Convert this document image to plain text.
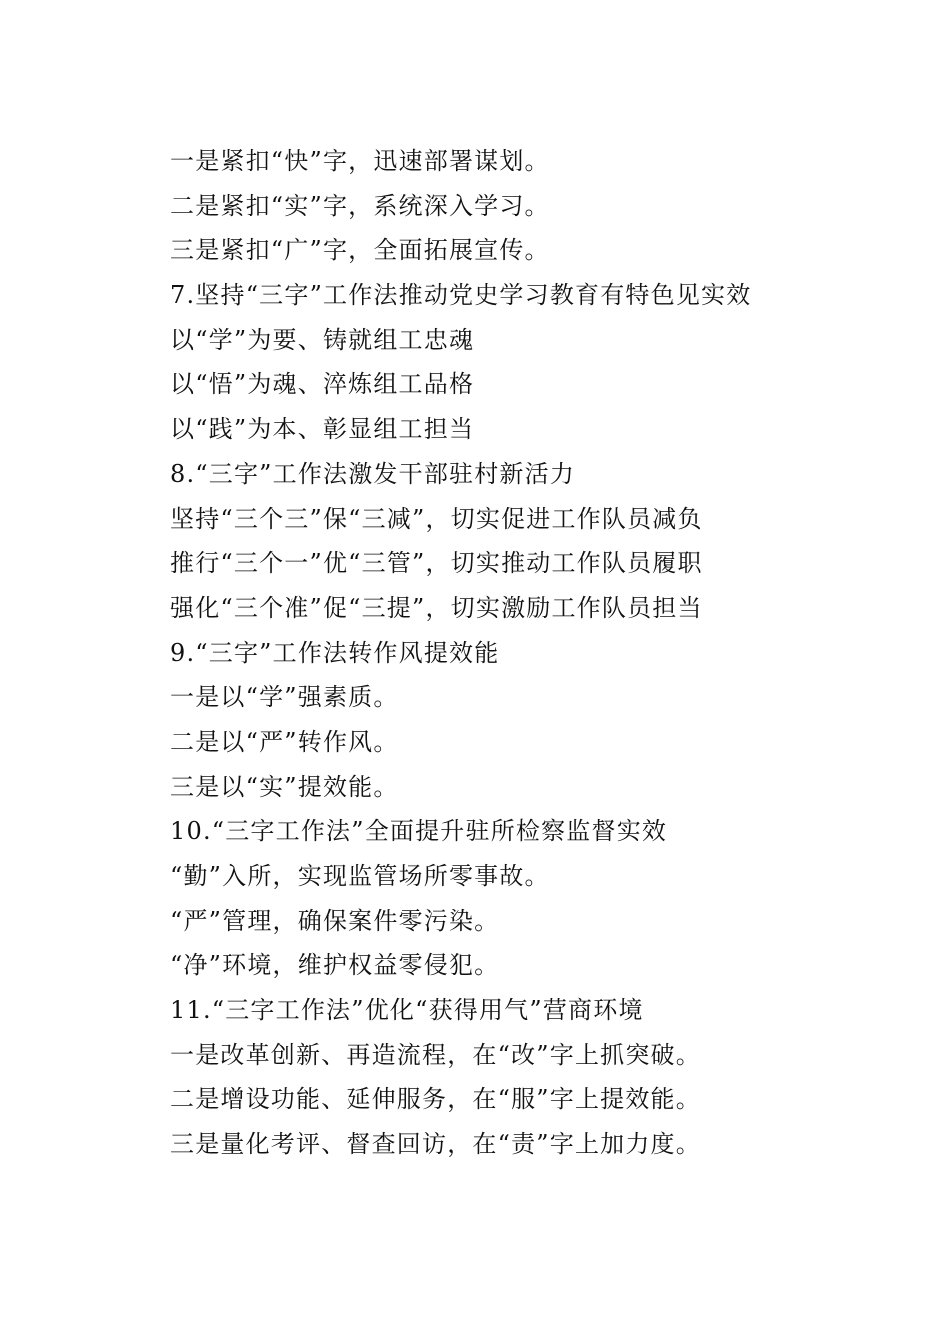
一是紧扣“快”字，迅速部署谋划。
二是紧扣“实”字，系统深入学习。
三是紧扣“广”字，全面拓展宣传。
7.坚持“三字”工作法推动党史学习教育有特色见实效
以“学”为要、铸就组工忠魂
以“悟”为魂、淬炼组工品格
以“践”为本、彰显组工担当
8.“三字”工作法激发干部驻村新活力
坚持“三个三”保“三减”，切实促进工作队员减负
推行“三个一”优“三管”，切实推动工作队员履职
强化“三个准”促“三提”，切实激励工作队员担当
9.“三字”工作法转作风提效能
一是以“学”强素质。
二是以“严”转作风。
三是以“实”提效能。
10.“三字工作法”全面提升驻所检察监督实效
“勤”入所，实现监管场所零事故。
“严”管理，确保案件零污染。
“净”环境，维护权益零侵犯。
11.“三字工作法”优化“获得用气”营商环境
一是改革创新、再造流程，在“改”字上抓突破。
二是增设功能、延伸服务，在“服”字上提效能。
三是量化考评、督查回访，在“责”字上加力度。
